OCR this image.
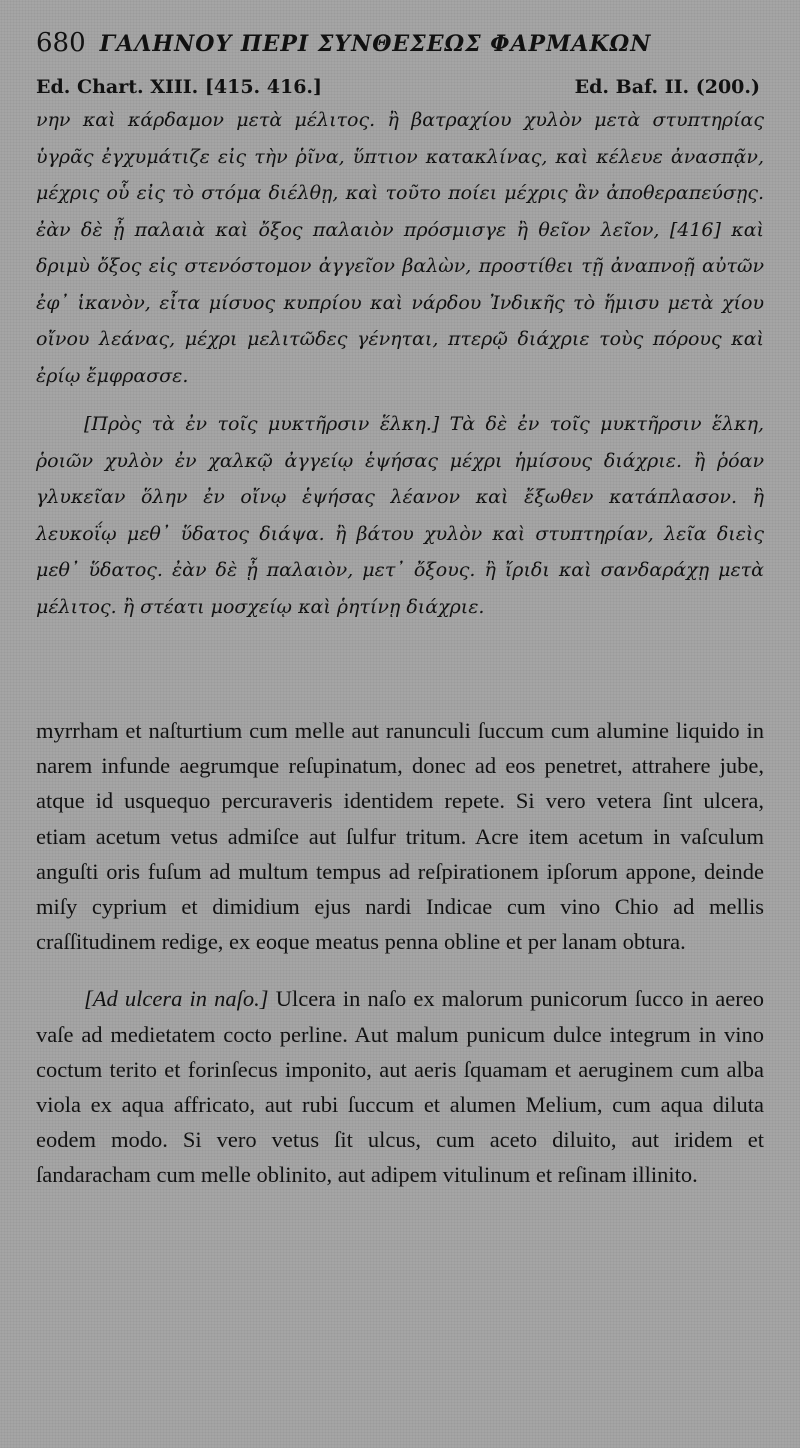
680 ΓΑΛΗΝΟΥ ΠΕΡΙ ΣΥΝΘΕΣΕΩΣ ΦΑΡΜΑΚΩΝ
Ed. Chart. XIII. [415. 416.]	Ed. Baf. II. (200.)

νην καὶ κάρδαμον μετὰ μέλιτος. ἢ βατραχίου χυλὸν μετὰ στυπτηρίας ὑγρᾶς ἐγχυμάτιζε εἰς τὴν ῥῖνα, ὕπτιον κατακλίνας, καὶ κέλευε ἀνασπᾷν, μέχρις οὗ εἰς τὸ στόμα διέλθῃ, καὶ τοῦτο ποίει μέχρις ἂν ἀποθεραπεύσῃς. ἐὰν δὲ ᾖ παλαιὰ καὶ ὄξος παλαιὸν πρόσμισγε ἢ θεῖον λεῖον, [416] καὶ δριμὺ ὄξος εἰς στενόστομον ἀγγεῖον βαλὼν, προστίθει τῇ ἀναπνοῇ αὐτῶν ἐφ᾽ ἱκανὸν, εἶτα μίσυος κυπρίου καὶ νάρδου Ἰνδικῆς τὸ ἥμισυ μετὰ χίου οἴνου λεάνας, μέχρι μελιτῶδες γένηται, πτερῷ διάχριε τοὺς πόρους καὶ ἐρίῳ ἔμφρασσε.

[Πρὸς τὰ ἐν τοῖς μυκτῆρσιν ἕλκη.] Τὰ δὲ ἐν τοῖς μυκτῆρσιν ἕλκη, ῥοιῶν χυλὸν ἐν χαλκῷ ἀγγείῳ ἑψήσας μέχρι ἡμίσους διάχριε. ἢ ῥόαν γλυκεῖαν ὅλην ἐν οἴνῳ ἑψήσας λέανον καὶ ἔξωθεν κατάπλασον. ἢ λευκοΐῳ μεθ᾽ ὕδατος διάψα. ἢ βάτου χυλὸν καὶ στυπτηρίαν, λεῖα διεὶς μεθ᾽ ὕδατος. ἐὰν δὲ ᾖ παλαιὸν, μετ᾽ ὄξους. ἢ ἴριδι καὶ σανδαράχῃ μετὰ μέλιτος. ἢ στέατι μοσχείῳ καὶ ῥητίνῃ διάχριε.

myrrham et naſturtium cum melle aut ranunculi ſuccum cum alumine liquido in narem infunde aegrumque reſupinatum, donec ad eos penetret, attrahere jube, atque id usquequo percuraveris identidem repete. Si vero vetera ſint ulcera, etiam acetum vetus admiſce aut ſulfur tritum. Acre item acetum in vaſculum anguſti oris fuſum ad multum tempus ad reſpirationem ipſorum appone, deinde miſy cyprium et dimidium ejus nardi Indicae cum vino Chio ad mellis craſſitudinem redige, ex eoque meatus penna obline et per lanam obtura.

[Ad ulcera in naſo.] Ulcera in naſo ex malorum punicorum ſucco in aereo vaſe ad medietatem cocto perline. Aut malum punicum dulce integrum in vino coctum terito et forinſecus imponito, aut aeris ſquamam et aeruginem cum alba viola ex aqua affricato, aut rubi ſuccum et alumen Melium, cum aqua diluta eodem modo. Si vero vetus ſit ulcus, cum aceto diluito, aut iridem et ſandaracham cum melle oblinito, aut adipem vitulinum et reſinam illinito.
